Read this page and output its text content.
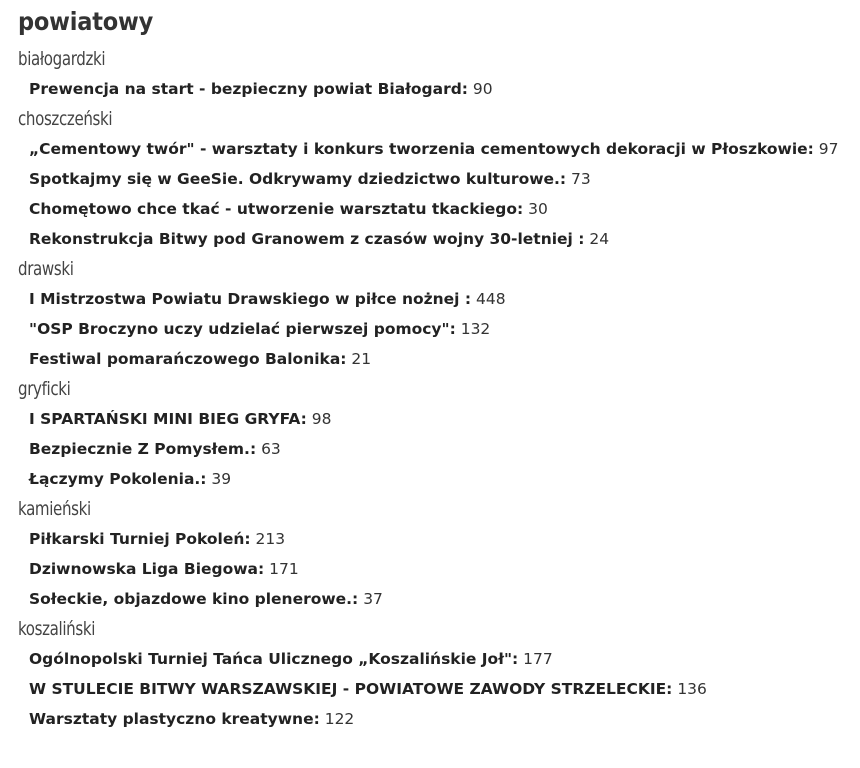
powiatowy
białogardzki
Prewencja na start - bezpieczny powiat Białogard: 90
choszczeński
„Cementowy twór" - warsztaty i konkurs tworzenia cementowych dekoracji w Płoszkowie: 97
Spotkajmy się w GeeSie. Odkrywamy dziedzictwo kulturowe.: 73
Chomętowo chce tkać - utworzenie warsztatu tkackiego: 30
Rekonstrukcja Bitwy pod Granowem z czasów wojny 30-letniej : 24
drawski
I Mistrzostwa Powiatu Drawskiego w piłce nożnej : 448
"OSP Broczyno uczy udzielać pierwszej pomocy": 132
Festiwal pomarańczowego Balonika: 21
gryficki
I SPARTAŃSKI MINI BIEG GRYFA: 98
Bezpiecznie Z Pomysłem.: 63
Łączymy Pokolenia.: 39
kamieński
Piłkarski Turniej Pokoleń: 213
Dziwnowska Liga Biegowa: 171
Sołeckie, objazdowe kino plenerowe.: 37
koszaliński
Ogólnopolski Turniej Tańca Ulicznego „Koszalińskie Joł": 177
W STULECIE BITWY WARSZAWSKIEJ - POWIATOWE ZAWODY STRZELECKIE: 136
Warsztaty plastyczno kreatywne: 122
